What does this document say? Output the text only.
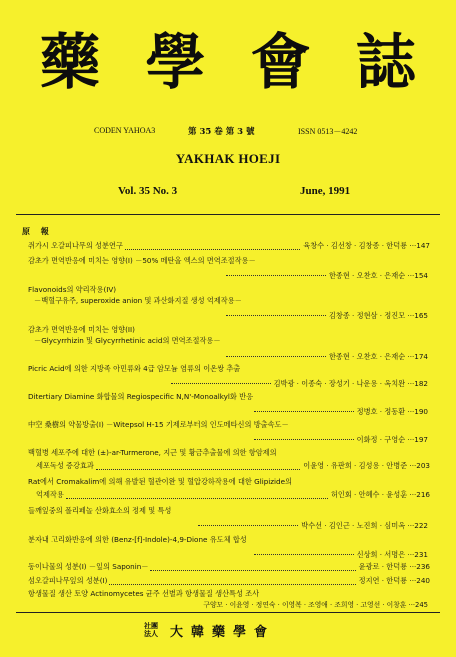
藥 學 會 誌
CODEN YAHOA3	第 35 卷 第 3 號	ISSN 0513－4242
YAKHAK HOEJI
Vol. 35 No. 3	June, 1991
原 報
쥐가시 오갈피나무의 성분연구	육창수 · 김선창 · 김창종 · 한덕룡 ···147
감초가 면역반응에 미치는 영향(I) －50% 메탄올 엑스의 면역조절작용－
한종현 · 오찬호 · 은재순 ···154
Flavonoids의 약리작용(IV)
－백혈구유주, superoxide anion 및 과산화지질 생성 억제작용－
김창종 · 정현삼 · 정진모 ···165
감초가 면역반응에 미치는 영향(II)
－Glycyrrhizin 및 Glycyrrhetinic acid의 면역조절작용－
한종현 · 오찬호 · 은재순 ···174
Picric Acid에 의한 지방족 아민류와 4급 암모늄 염류의 이온쌍 추출
김박광 · 이종숙 · 장성기 · 나운용 · 옥치완 ···182
Ditertiary Diamine 화합물의 Regiospecific N,N'-Monoalkyl화 반응
정병호 · 정동환 ···190
中空 桑樹의 약물방출(I) －Witepsol H-15 기제로부터의 인도메타신의 방출속도－
이화정 · 구영순 ···197
백혈병 세포주에 대한 (±)-ar-Turmerone, 지근 및 황금추출물에 의한 항암제의
세포독성 증강효과	이윤영 · 유판희 · 김성용 · 안병준 ···203
Rat에서 Cromakalim에 의해 유발된 혈관이완 및 혈압강하작용에 대한 Glipizide의
억제작용	허인회 · 안혜수 · 윤성훈 ···216
들깨잎중의 폴리페놀 산화효소의 정제 및 특성
박수선 · 김인근 · 노진희 · 심미옥 ···222
분자내 고리화반응에 의한 (Benz-[f]-Indole)-4,9-Dione 유도체 합성
신상희 · 서명은 ···231
동이나물의 성분(I) －잎의 Saponin－	윤광로 · 한덕룡 ···236
섬오갈피나무잎의 성분(I)	정지연 · 한덕룡 ···240
항생물질 생산 토양 Actinomycetes 균주 선별과 항생물질 생산특성 조사
구양모 · 이윤영 · 정연숙 · 이영복 · 조영애 · 조희영 · 고영선 · 이창훈 ···245
社團
法人 大韓藥學會
